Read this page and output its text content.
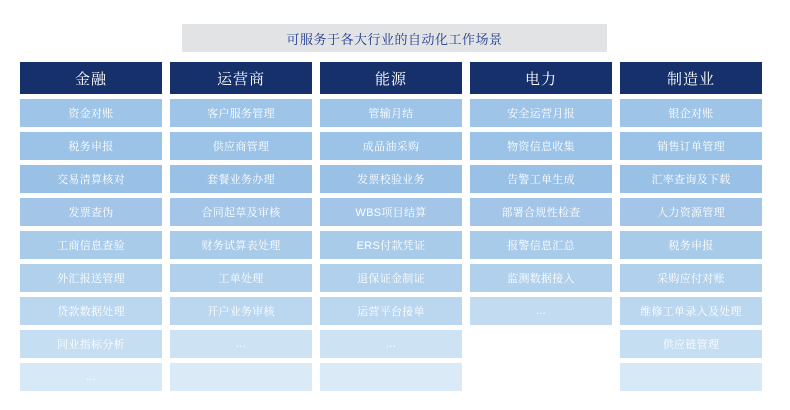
可服务于各大行业的自动化工作场景
金融
资金对账
税务申报
交易清算核对
发票查伪
工商信息查验
外汇报送管理
贷款数据处理
同业指标分析
...
运营商
客户服务管理
供应商管理
套餐业务办理
合同起草及审核
财务试算表处理
工单处理
开户业务审核
...
能源
管输月结
成品油采购
发票校验业务
WBS项目结算
ERS付款凭证
退保证金制证
运营平台接单
...
电力
安全运营月报
物资信息收集
告警工单生成
部署合规性检查
报警信息汇总
监测数据接入
...
制造业
银企对账
销售订单管理
汇率查询及下载
人力资源管理
税务申报
采购应付对账
维修工单录入及处理
供应链管理
